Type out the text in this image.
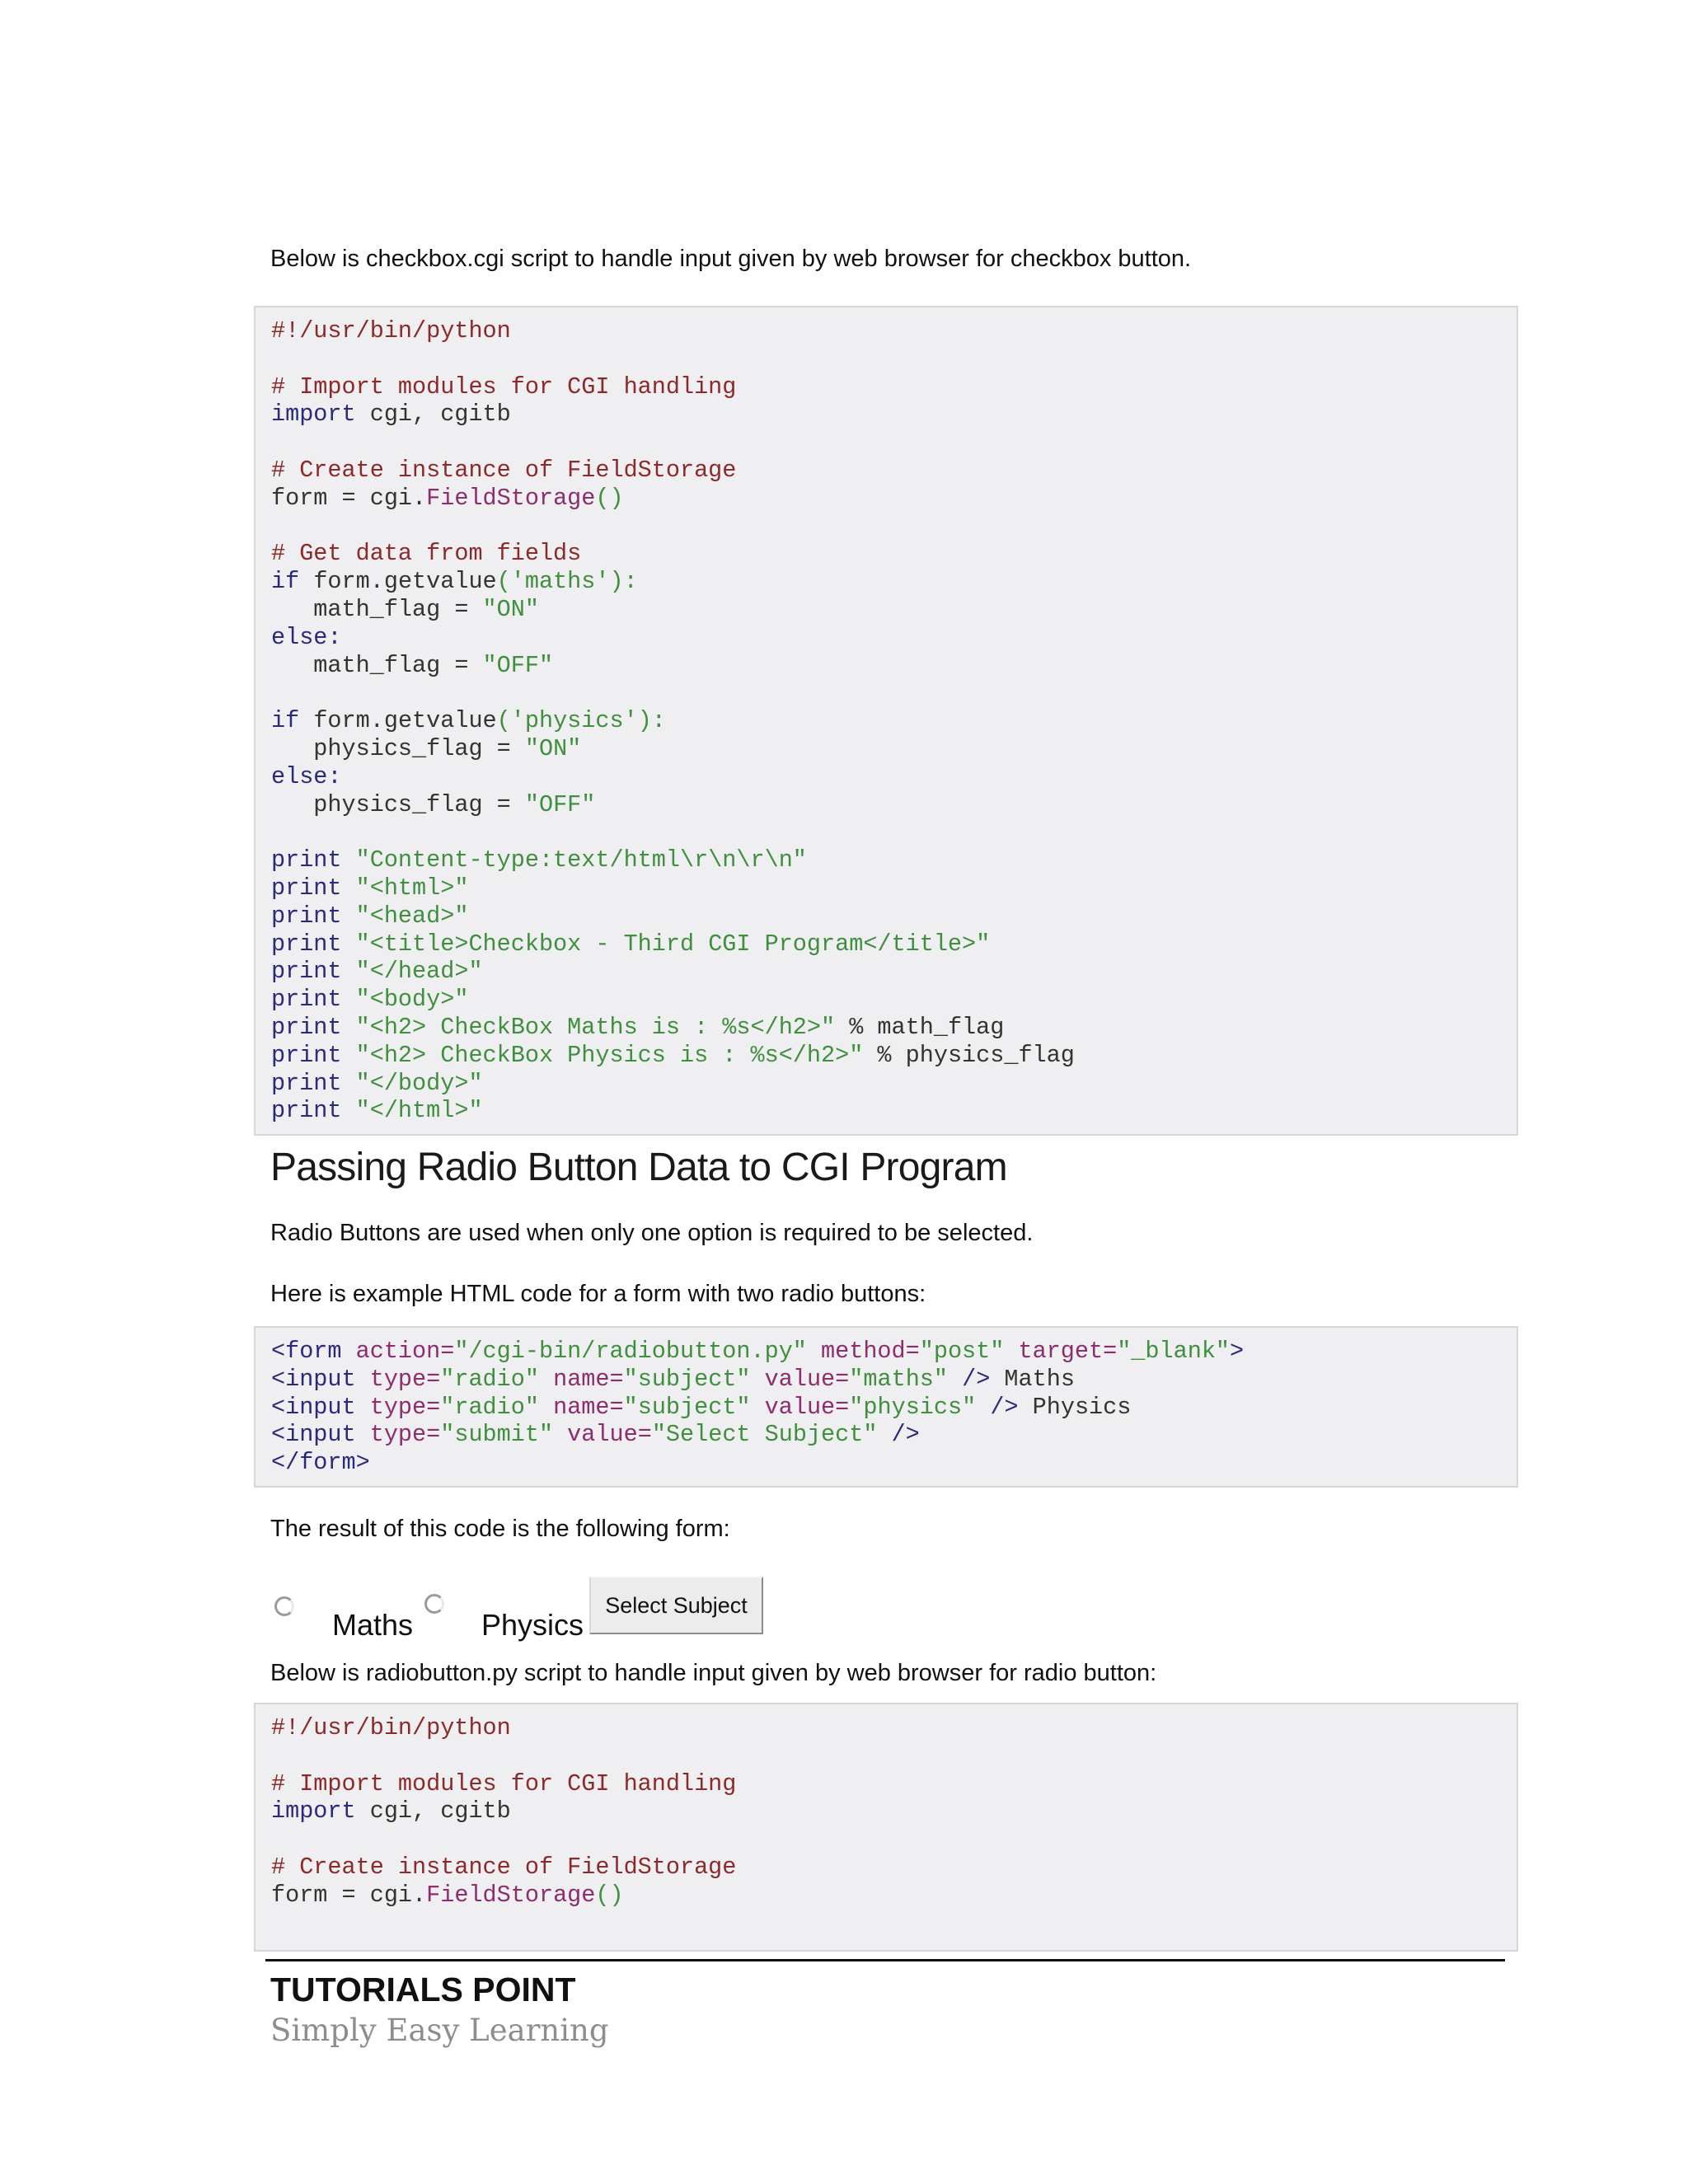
Below is checkbox.cgi script to handle input given by web browser for checkbox button.
#!/usr/bin/python

# Import modules for CGI handling
import cgi, cgitb

# Create instance of FieldStorage
form = cgi.FieldStorage()

# Get data from fields
if form.getvalue('maths'):
math_flag = "ON"
else:
math_flag = "OFF"

if form.getvalue('physics'):
physics_flag = "ON"
else:
physics_flag = "OFF"

print "Content-type:text/html\r\n\r\n"
print "<html>"
print "<head>"
print "<title>Checkbox - Third CGI Program</title>"
print "</head>"
print "<body>"
print "<h2> CheckBox Maths is : %s</h2>" % math_flag
print "<h2> CheckBox Physics is : %s</h2>" % physics_flag
print "</body>"
print "</html>"
Passing Radio Button Data to CGI Program
Radio Buttons are used when only one option is required to be selected.
Here is example HTML code for a form with two radio buttons:
<form action="/cgi-bin/radiobutton.py" method="post" target="_blank">
<input type="radio" name="subject" value="maths" /> Maths
<input type="radio" name="subject" value="physics" /> Physics
<input type="submit" value="Select Subject" />
</form>
The result of this code is the following form:
Maths Physics
Select Subject
Below is radiobutton.py script to handle input given by web browser for radio button:
#!/usr/bin/python

# Import modules for CGI handling
import cgi, cgitb

# Create instance of FieldStorage
form = cgi.FieldStorage()
TUTORIALS POINT
Simply Easy Learning
